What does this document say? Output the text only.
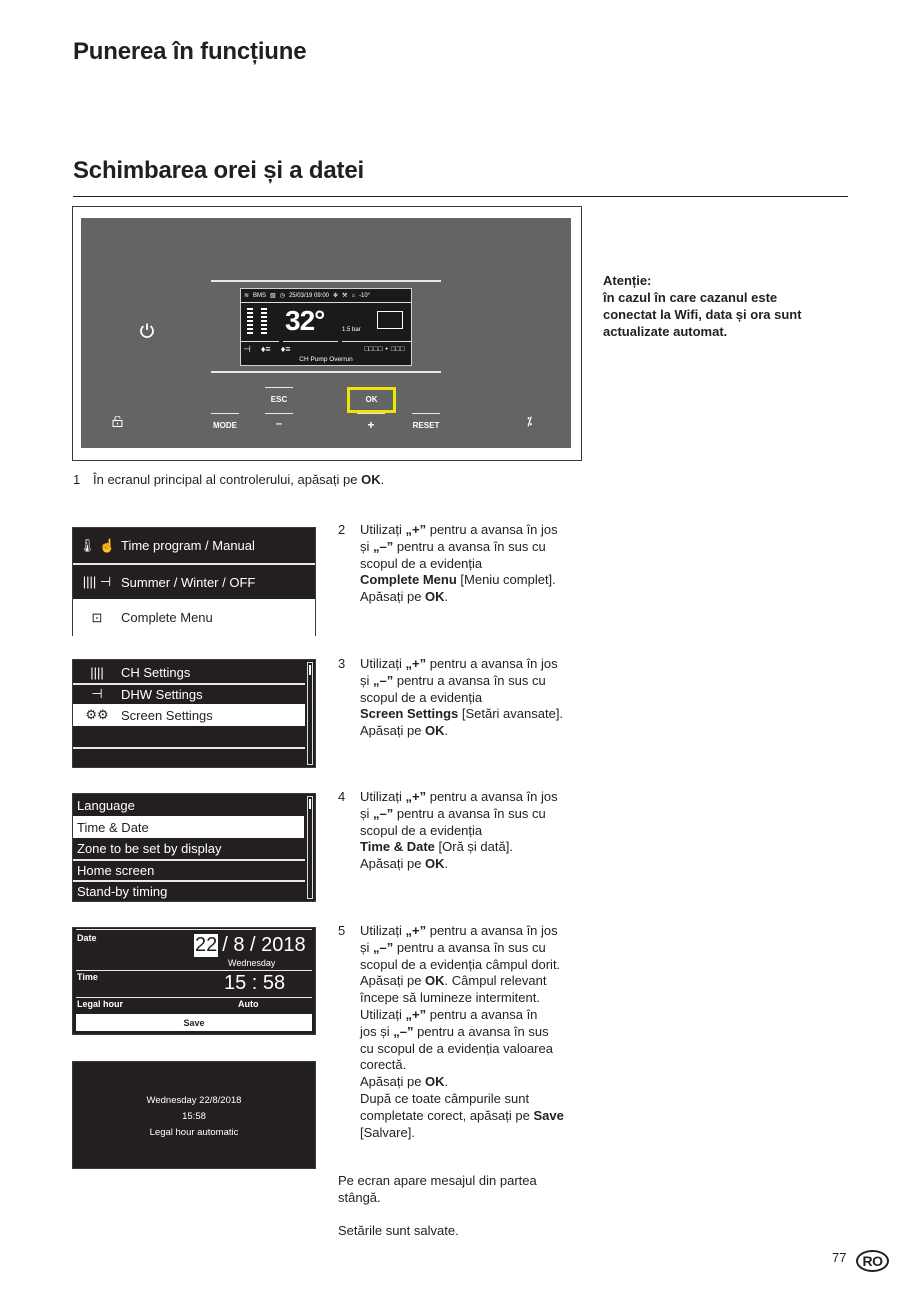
Punerea în funcțiune
Schimbarea orei și a datei
≋ BMS ▧ ◷ 25/03/19 09:00 ✻ ⚒ ⌂ -10°
32°	1.5 bar
⊣ ♦≡ ♦≡	□□□□ • □□□
CH Pump Overrun
ESC	OK
MODE	–	+	RESET	⁒
Atenție:
în cazul în care cazanul este conectat la Wifi, data și ora sunt actualizate automat.
1 În ecranul principal al controlerului, apăsați pe OK.
🌡 ☝ Time program / Manual
|||| ⊣ Summer / Winter / OFF
⊡	Complete Menu
||||	CH Settings
⊣	DHW Settings
⚙⚙ Screen Settings
Language
Time & Date
Zone to be set by display
Home screen
Stand-by timing
Date	22 / 8 / 2018
Wednesday
Time	15 : 58
Legal hour	Auto
Save
Wednesday 22/8/2018
15:58
Legal hour automatic
2 Utilizați „+” pentru a avansa în jos
și „–” pentru a avansa în sus cu
scopul de a evidenția
Complete Menu [Meniu complet].
Apăsați pe OK.
3 Utilizați „+” pentru a avansa în jos
și „–” pentru a avansa în sus cu
scopul de a evidenția
Screen Settings [Setări avansate].
Apăsați pe OK.
4 Utilizați „+” pentru a avansa în jos
și „–” pentru a avansa în sus cu
scopul de a evidenția
Time & Date [Oră și dată].
Apăsați pe OK.
5 Utilizați „+” pentru a avansa în jos
și „–” pentru a avansa în sus cu
scopul de a evidenția câmpul dorit.
Apăsați pe OK. Câmpul relevant
începe să lumineze intermitent.
Utilizați „+” pentru a avansa în
jos și „–” pentru a avansa în sus
cu scopul de a evidenția valoarea
corectă.
Apăsați pe OK.
După ce toate câmpurile sunt
completate corect, apăsați pe Save
[Salvare].
Pe ecran apare mesajul din partea stângă.
Setările sunt salvate.
77	RO
